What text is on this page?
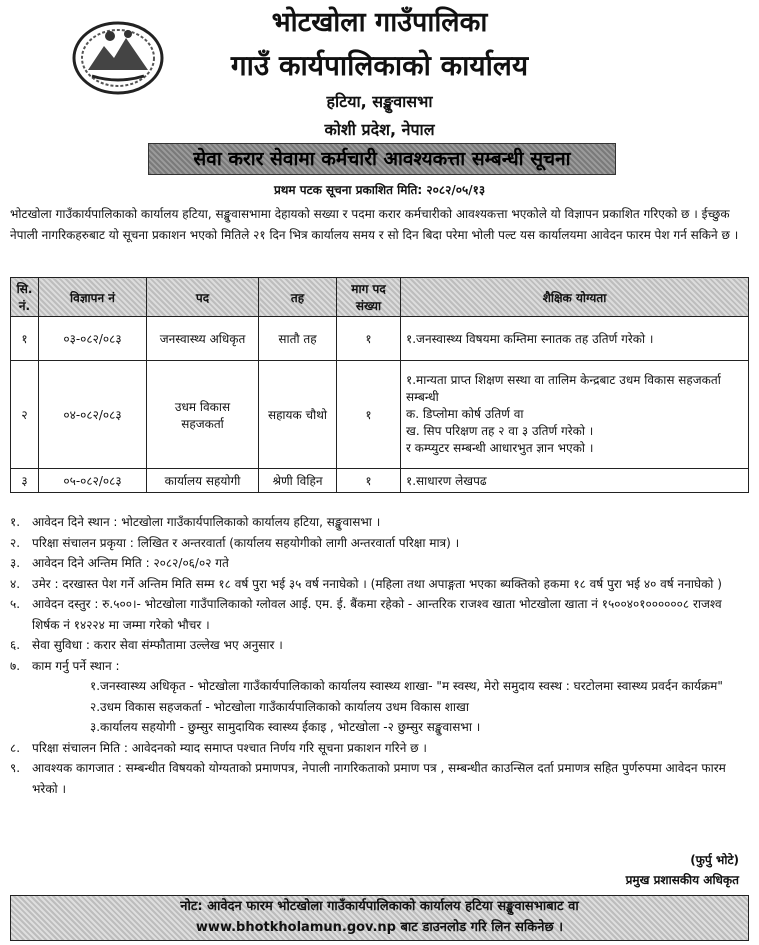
भोटखोला गाउँपालिका
गाउँ कार्यपालिकाको कार्यालय
हटिया, सङ्खुवासभा
कोशी प्रदेश, नेपाल
सेवा करार सेवामा कर्मचारी आवश्यकत्ता सम्बन्धी सूचना
प्रथम पटक सूचना प्रकाशित मिति: २०८२/०५/१३
भोटखोला गाउँकार्यपालिकाको कार्यालय हटिया, सङ्खुवासभामा देहायको सख्या र पदमा करार कर्मचारीको आवश्यकत्ता भएकोले यो विज्ञापन प्रकाशित गरिएको छ । ईच्छुक नेपाली नागरिकहरुबाट यो सूचना प्रकाशन भएको मितिले २१ दिन भित्र कार्यालय समय र सो दिन बिदा परेमा भोली पल्ट यस कार्यालयमा आवेदन फारम पेश गर्न सकिने छ ।
सि. नं.	विज्ञापन नं	पद	तह	माग पद संख्या	शैक्षिक योग्यता
१	०३-०८२/०८३	जनस्वास्थ्य अधिकृत	सातौ तह	१	१.जनस्वास्थ्य विषयमा कम्तिमा स्नातक तह उतिर्ण गरेको ।
२	०४-०८२/०८३	उधम विकास सहजकर्ता	सहायक चौथो	१	१.मान्यता प्राप्त शिक्षण सस्था वा तालिम केन्द्रबाट उधम विकास सहजकर्ता सम्बन्धी
क. डिप्लोमा कोर्ष उतिर्ण वा
ख. सिप परिक्षण तह २ वा ३ उतिर्ण गरेको ।
र कम्प्युटर सम्बन्धी आधारभुत ज्ञान भएको ।
३	०५-०८२/०८३	कार्यालय सहयोगी	श्रेणी विहिन	१	१.साधारण लेखपढ
१. आवेदन दिने स्थान : भोटखोला गाउँकार्यपालिकाको कार्यालय हटिया, सङ्खुवासभा ।
२. परिक्षा संचालन प्रकृया : लिखित र अन्तरवार्ता (कार्यालय सहयोगीको लागी अन्तरवार्ता परिक्षा मात्र) ।
३. आवेदन दिने अन्तिम मिति : २०८२/०६/०२ गते
४. उमेर : दरखास्त पेश गर्ने अन्तिम मिति सम्म १८ वर्ष पुरा भई ३५ वर्ष ननाघेको । (महिला तथा अपाङ्गता भएका ब्यक्तिको हकमा १८ वर्ष पुरा भई ४० वर्ष ननाघेको )
५. आवेदन दस्तुर : रु.५००।- भोटखोला गाउँपालिकाको ग्लोवल आई. एम. ई. बैंकमा रहेको - आन्तरिक राजश्व खाता भोटखोला खाता नं १५००४०१००००००८ राजश्व शिर्षक नं १४२२४ मा जम्मा गरेको भौचर ।
६. सेवा सुविधा : करार सेवा संम्फौतामा उल्लेख भए अनुसार ।
७. काम गर्नु पर्ने स्थान :
१.जनस्वास्थ्य अधिकृत - भोटखोला गाउँकार्यपालिकाको कार्यालय स्वास्थ्य शाखा- "म स्वस्थ, मेरो समुदाय स्वस्थ : घरटोलमा स्वास्थ्य प्रवर्दन कार्यक्रम"
२.उधम विकास सहजकर्ता - भोटखोला गाउँकार्यपालिकाको कार्यालय उधम विकास शाखा
३.कार्यालय सहयोगी - छुम्सुर सामुदायिक स्वास्थ्य ईकाइ , भोटखोला -२ छुम्सुर सङ्खुवासभा ।
८. परिक्षा संचालन मिति : आवेदनको म्याद समाप्त पश्चात निर्णय गरि सूचना प्रकाशन गरिने छ ।
९. आवश्यक कागजात : सम्बन्धीत विषयको योग्यताको प्रमाणपत्र, नेपाली नागरिकताको प्रमाण पत्र , सम्बन्धीत काउन्सिल दर्ता प्रमाणत्र सहित पुर्णरुपमा आवेदन फारम भरेको ।
(फुर्पु भोटे)
प्रमुख प्रशासकीय अधिकृत
नोट: आवेदन फारम भोटखोला गाउँकार्यपालिकाको कार्यालय हटिया सङ्खुवासभाबाट वा
www.bhotkholamun.gov.np बाट डाउनलोड गरि लिन सकिनेछ ।
